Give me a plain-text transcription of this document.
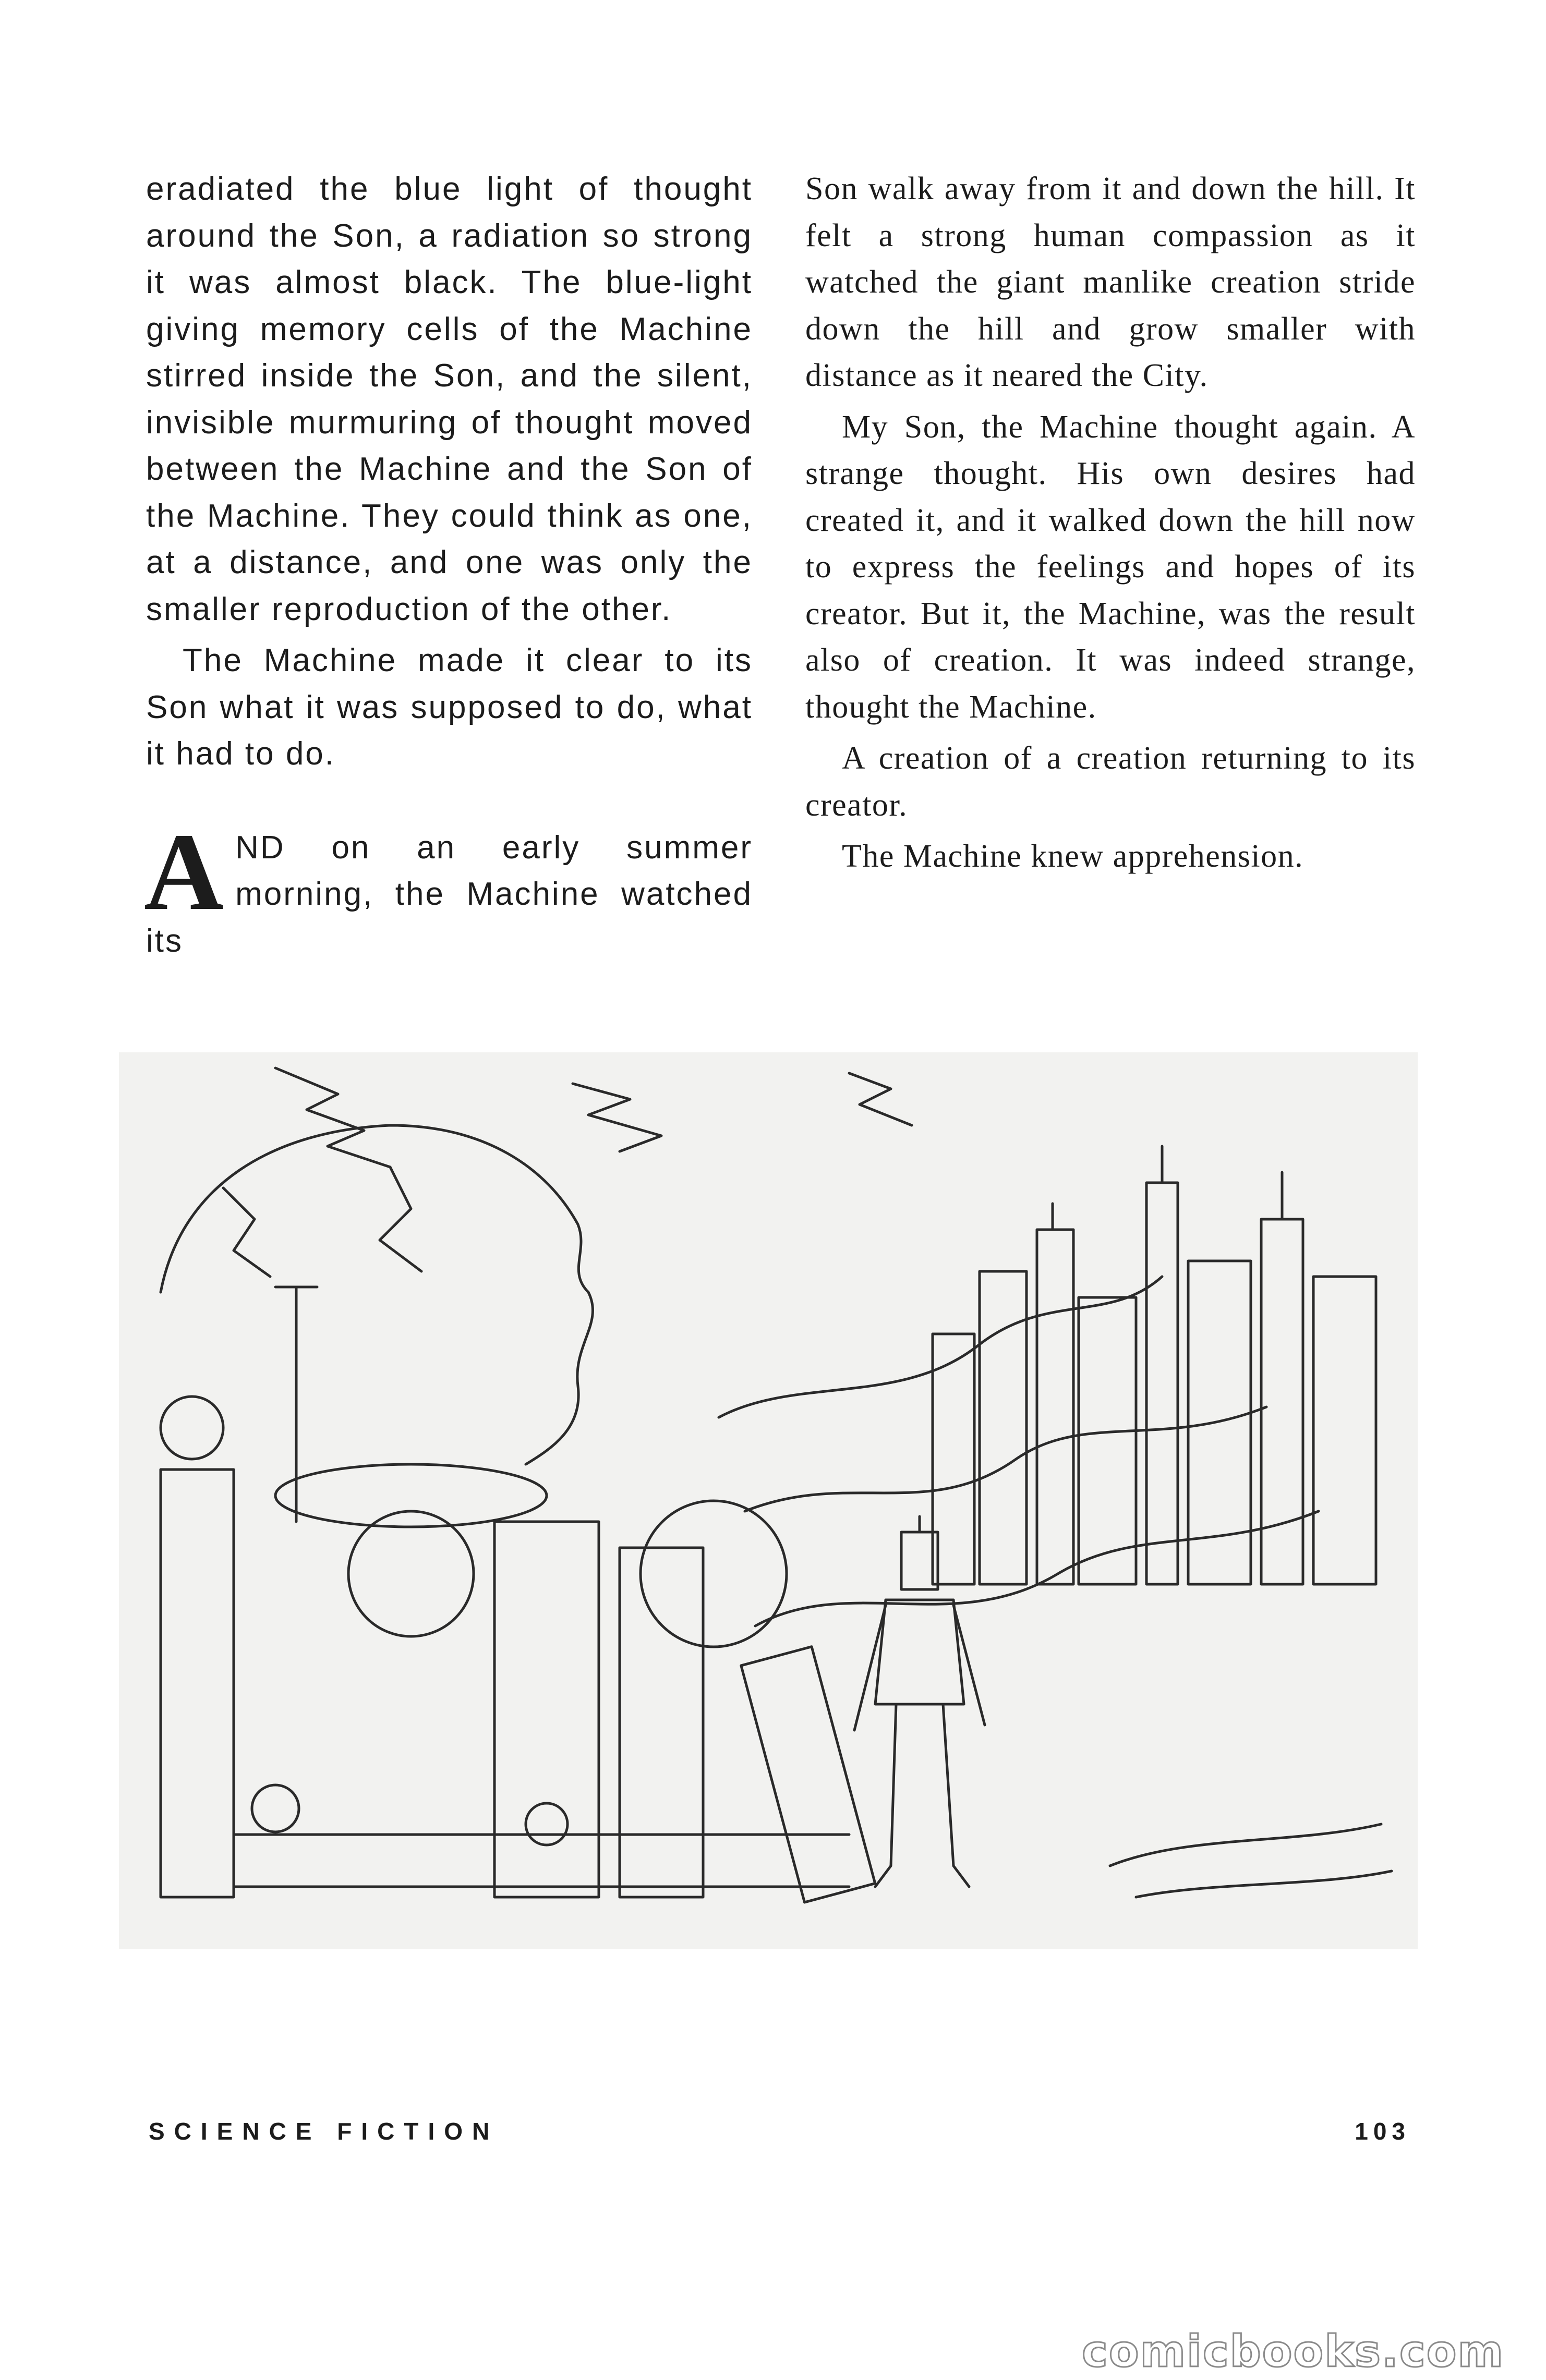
eradiated the blue light of thought around the Son, a radiation so strong it was almost black. The blue-light giving memory cells of the Machine stirred inside the Son, and the silent, invisible murmuring of thought moved between the Machine and the Son of the Machine. They could think as one, at a distance, and one was only the smaller reproduction of the other.

The Machine made it clear to its Son what it was supposed to do, what it had to do.

A ND on an early summer morning, the Machine watched its

Son walk away from it and down the hill. It felt a strong human compassion as it watched the giant manlike creation stride down the hill and grow smaller with distance as it neared the City.

My Son, the Machine thought again. A strange thought. His own desires had created it, and it walked down the hill now to express the feelings and hopes of its creator. But it, the Machine, was the result also of creation. It was indeed strange, thought the Machine.

A creation of a creation returning to its creator.

The Machine knew apprehension.

SCIENCE FICTION	103
comicbooks.com
